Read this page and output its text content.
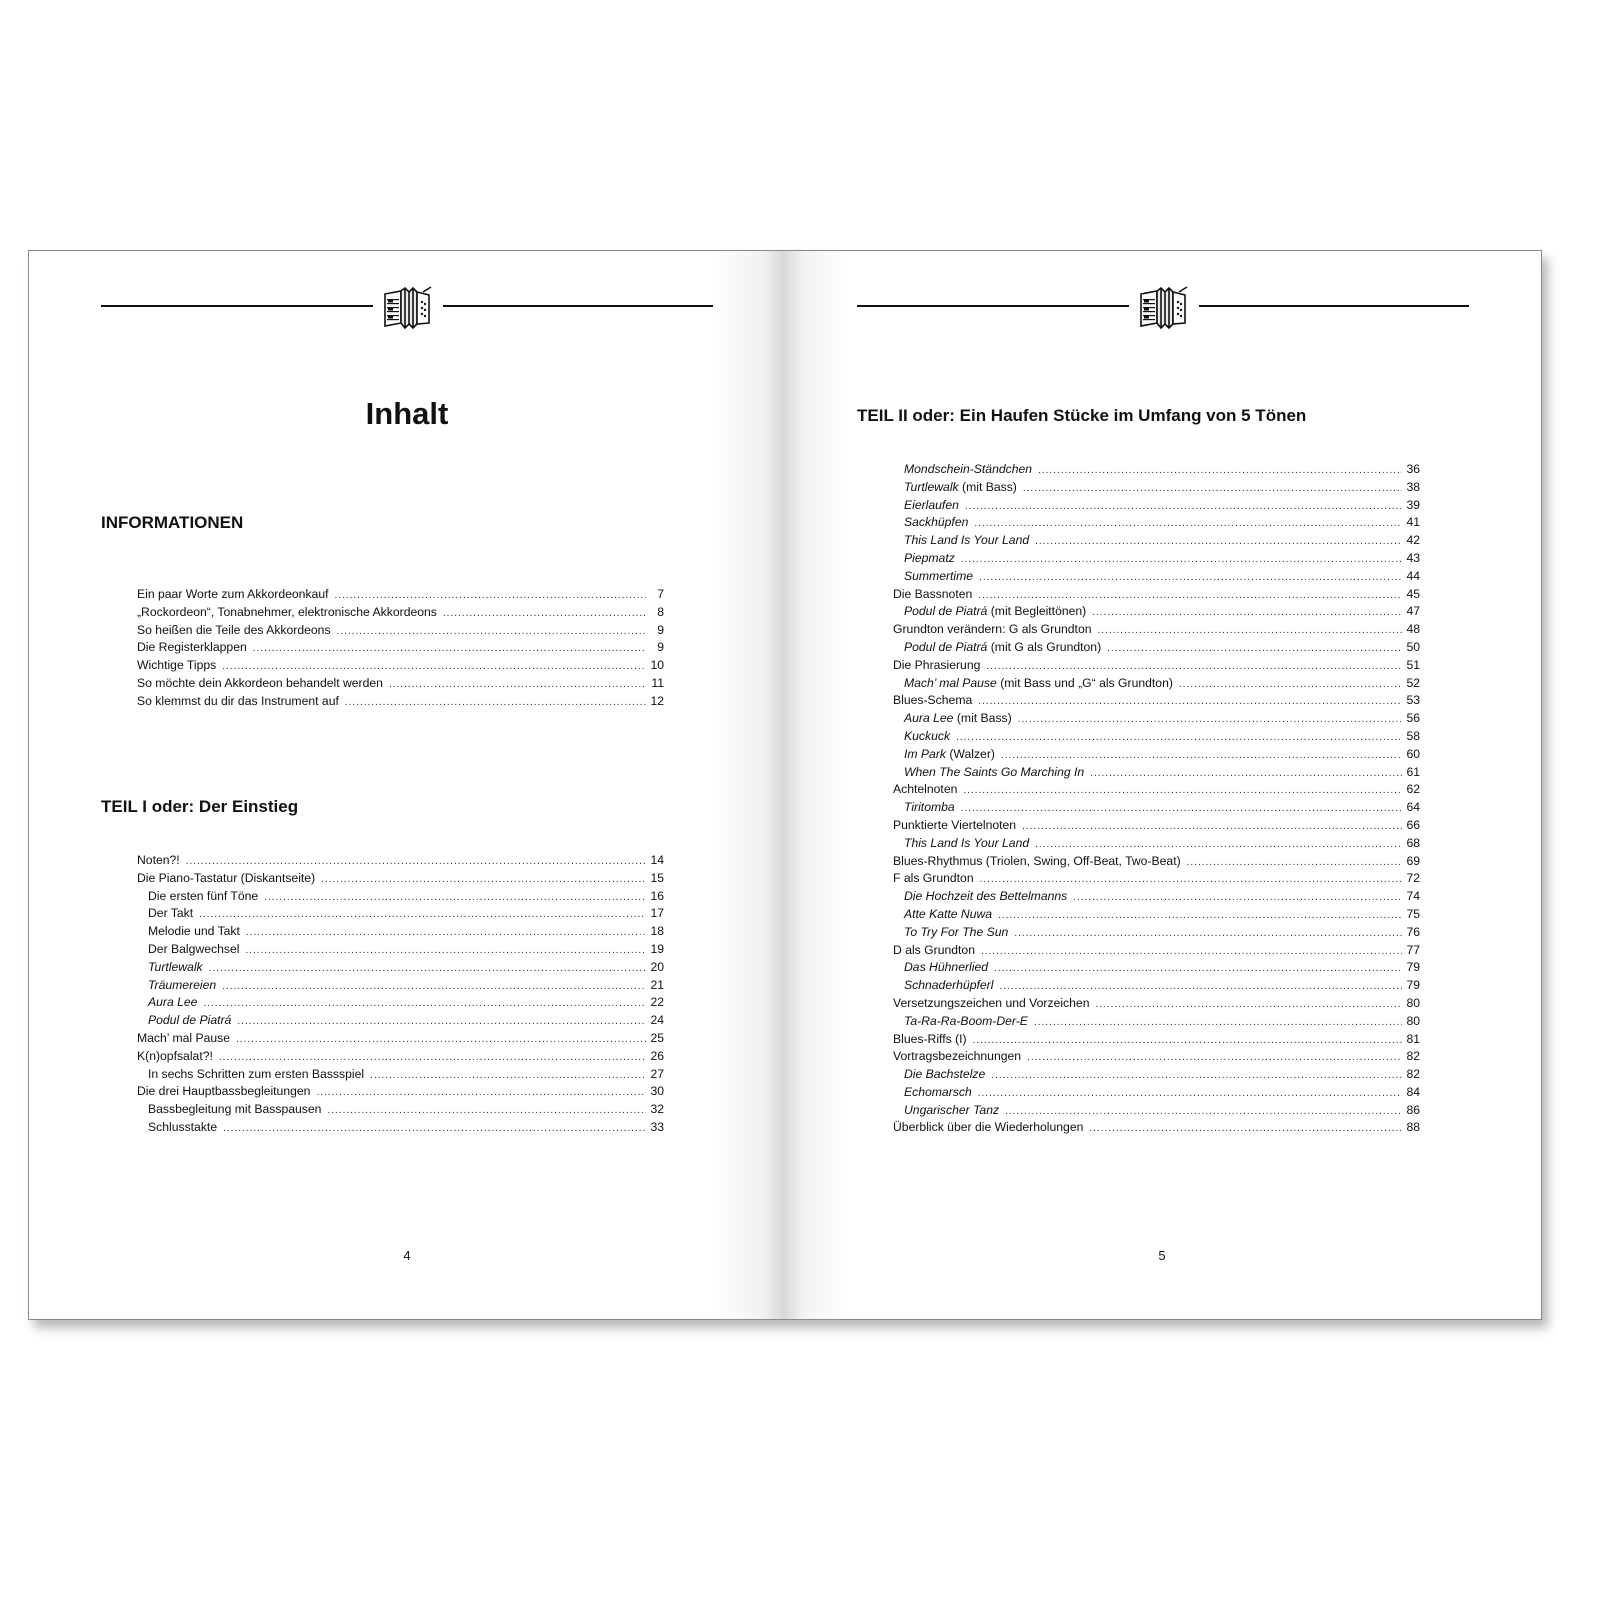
Inhalt
INFORMATIONEN
Ein paar Worte zum Akkordeonkauf .....	7
„Rockordeon“, Tonabnehmer, elektronische Akkordeons .....	8
So heißen die Teile des Akkordeons .....	9
Die Registerklappen .....	9
Wichtige Tipps .....	10
So möchte dein Akkordeon behandelt werden .....	11
So klemmst du dir das Instrument auf .....	12
TEIL I oder: Der Einstieg
Noten?! .....	14
Die Piano-Tastatur (Diskantseite) .....	15
Die ersten fünf Töne .....	16
Der Takt .....	17
Melodie und Takt .....	18
Der Balgwechsel .....	19
Turtlewalk .....	20
Träumereien .....	21
Aura Lee .....	22
Podul de Piatrá .....	24
Mach’ mal Pause .....	25
K(n)opfsalat?! .....	26
In sechs Schritten zum ersten Bassspiel .....	27
Die drei Hauptbassbegleitungen .....	30
Bassbegleitung mit Basspausen .....	32
Schlusstakte .....	33
4
TEIL II oder: Ein Haufen Stücke im Umfang von 5 Tönen
Mondschein-Ständchen .....	36
Turtlewalk (mit Bass) .....	38
Eierlaufen .....	39
Sackhüpfen .....	41
This Land Is Your Land .....	42
Piepmatz .....	43
Summertime .....	44
Die Bassnoten .....	45
Podul de Piatrá (mit Begleittönen) .....	47
Grundton verändern: G als Grundton .....	48
Podul de Piatrá (mit G als Grundton) .....	50
Die Phrasierung .....	51
Mach’ mal Pause (mit Bass und „G“ als Grundton) .....	52
Blues-Schema .....	53
Aura Lee (mit Bass) .....	56
Kuckuck .....	58
Im Park (Walzer) .....	60
When The Saints Go Marching In .....	61
Achtelnoten .....	62
Tiritomba .....	64
Punktierte Viertelnoten .....	66
This Land Is Your Land .....	68
Blues-Rhythmus (Triolen, Swing, Off-Beat, Two-Beat) .....	69
F als Grundton .....	72
Die Hochzeit des Bettelmanns .....	74
Atte Katte Nuwa .....	75
To Try For The Sun .....	76
D als Grundton .....	77
Das Hühnerlied .....	79
Schnaderhüpferl .....	79
Versetzungszeichen und Vorzeichen .....	80
Ta-Ra-Ra-Boom-Der-E .....	80
Blues-Riffs (I) .....	81
Vortragsbezeichnungen .....	82
Die Bachstelze .....	82
Echomarsch .....	84
Ungarischer Tanz .....	86
Überblick über die Wiederholungen .....	88
5
